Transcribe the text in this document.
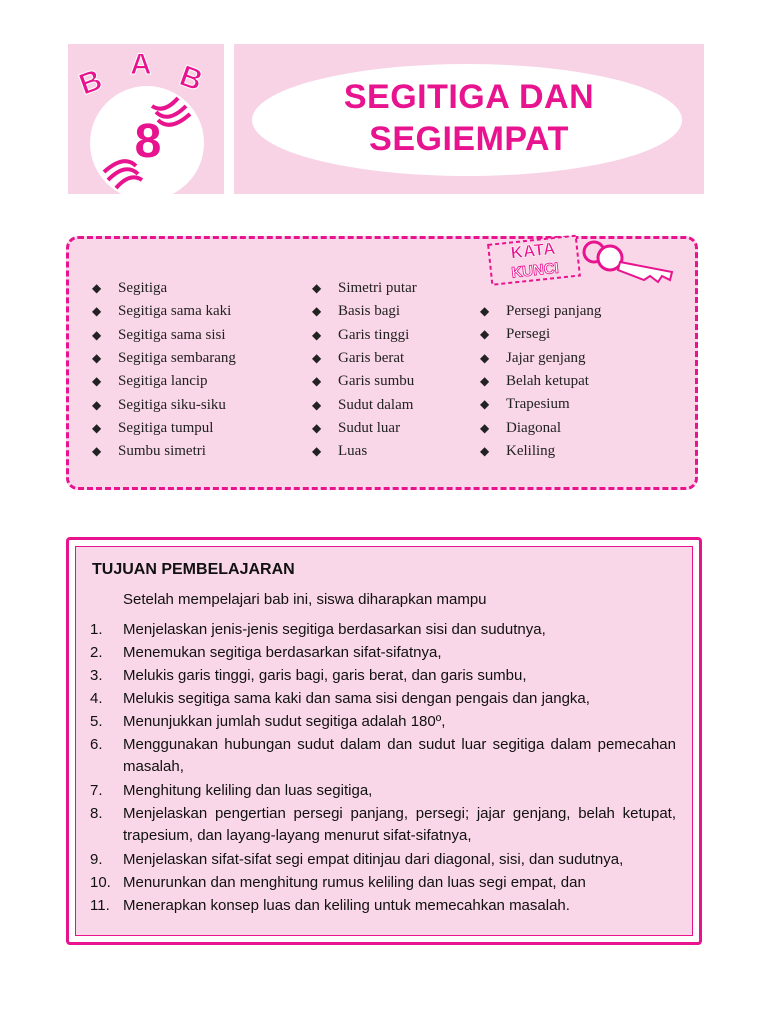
B A B
8
SEGITIGA DAN
SEGIEMPAT
KATA
KUNCI
◆ Segitiga
◆ Segitiga sama kaki
◆ Segitiga sama sisi
◆ Segitiga sembarang
◆ Segitiga lancip
◆ Segitiga siku-siku
◆ Segitiga tumpul
◆ Sumbu simetri
◆ Simetri putar
◆ Basis bagi
◆ Garis tinggi
◆ Garis berat
◆ Garis sumbu
◆ Sudut dalam
◆ Sudut luar
◆ Luas
◆ Persegi panjang
◆ Persegi
◆ Jajar genjang
◆ Belah ketupat
◆ Trapesium
◆ Diagonal
◆ Keliling
TUJUAN PEMBELAJARAN
Setelah mempelajari bab ini, siswa diharapkan mampu
1. Menjelaskan jenis-jenis segitiga berdasarkan sisi dan sudutnya,
2. Menemukan segitiga berdasarkan sifat-sifatnya,
3. Melukis garis tinggi, garis bagi, garis berat, dan garis sumbu,
4. Melukis segitiga sama kaki dan sama sisi dengan pengais dan jangka,
5. Menunjukkan jumlah sudut segitiga adalah 180º,
6. Menggunakan hubungan sudut dalam dan sudut luar segitiga dalam pemecahan masalah,
7. Menghitung keliling dan luas segitiga,
8. Menjelaskan pengertian persegi panjang, persegi; jajar genjang, belah ketupat, trapesium, dan layang-layang menurut sifat-sifatnya,
9. Menjelaskan sifat-sifat segi empat ditinjau dari diagonal, sisi, dan sudutnya,
10. Menurunkan dan menghitung rumus keliling dan luas segi empat, dan
11. Menerapkan konsep luas dan keliling untuk memecahkan masalah.
